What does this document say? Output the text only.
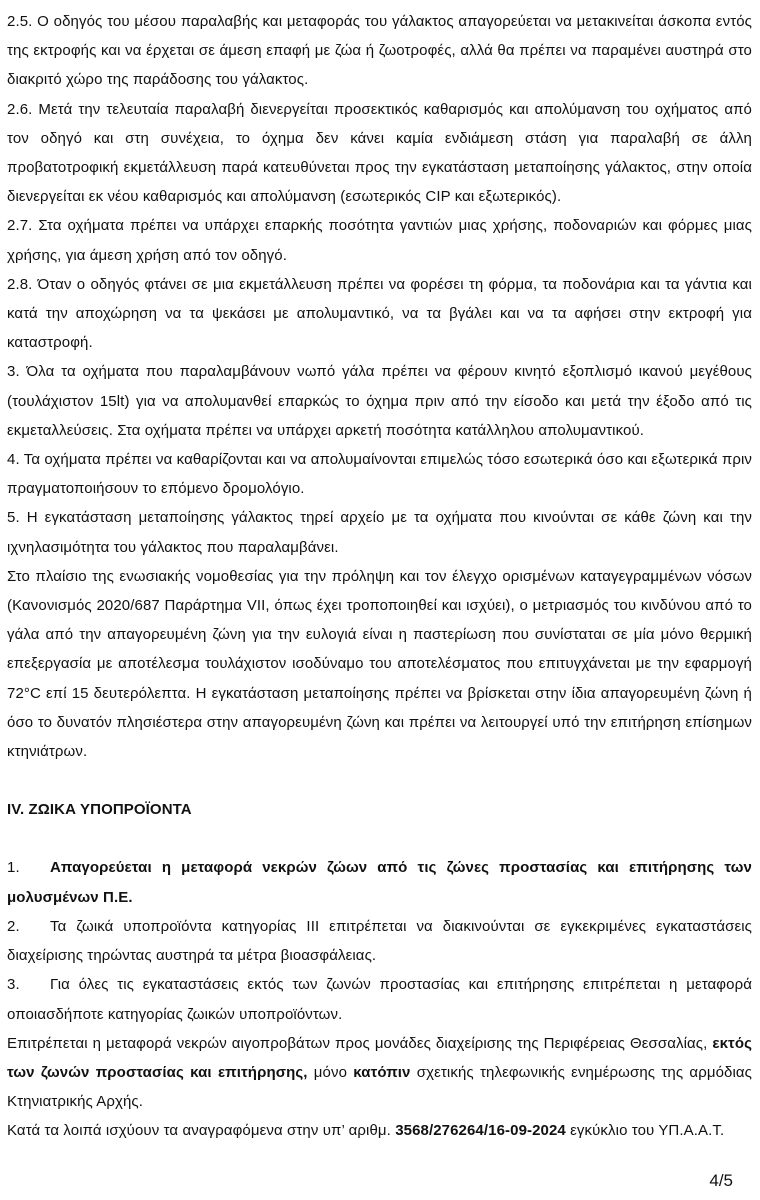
2.5. Ο οδηγός του μέσου παραλαβής και μεταφοράς του γάλακτος απαγορεύεται να μετακινείται άσκοπα εντός της εκτροφής και να έρχεται σε άμεση επαφή με ζώα ή ζωοτροφές, αλλά θα πρέπει να παραμένει αυστηρά στο διακριτό χώρο της παράδοσης του γάλακτος.

2.6. Μετά την τελευταία παραλαβή διενεργείται προσεκτικός καθαρισμός και απολύμανση του οχήματος από τον οδηγό και στη συνέχεια, το όχημα δεν κάνει καμία ενδιάμεση στάση για παραλαβή σε άλλη προβατοτροφική εκμετάλλευση παρά κατευθύνεται προς την εγκατάσταση μεταποίησης γάλακτος, στην οποία διενεργείται εκ νέου καθαρισμός και απολύμανση (εσωτερικός CIP και εξωτερικός).

2.7. Στα οχήματα πρέπει να υπάρχει επαρκής ποσότητα γαντιών μιας χρήσης, ποδοναριών και φόρμες μιας χρήσης, για άμεση χρήση από τον οδηγό.

2.8. Όταν ο οδηγός φτάνει σε μια εκμετάλλευση πρέπει να φορέσει τη φόρμα, τα ποδονάρια και τα γάντια και κατά την αποχώρηση να τα ψεκάσει με απολυμαντικό, να τα βγάλει και να τα αφήσει στην εκτροφή για καταστροφή.

3. Όλα τα οχήματα που παραλαμβάνουν νωπό γάλα πρέπει να φέρουν κινητό εξοπλισμό ικανού μεγέθους (τουλάχιστον 15lt) για να απολυμανθεί επαρκώς το όχημα πριν από την είσοδο και μετά την έξοδο από τις εκμεταλλεύσεις. Στα οχήματα πρέπει να υπάρχει αρκετή ποσότητα κατάλληλου απολυμαντικού.

4. Τα οχήματα πρέπει να καθαρίζονται και να απολυμαίνονται επιμελώς τόσο εσωτερικά όσο και εξωτερικά πριν πραγματοποιήσουν το επόμενο δρομολόγιο.

5. Η εγκατάσταση μεταποίησης γάλακτος τηρεί αρχείο με τα οχήματα που κινούνται σε κάθε ζώνη και την ιχνηλασιμότητα του γάλακτος που παραλαμβάνει.

Στο πλαίσιο της ενωσιακής νομοθεσίας για την πρόληψη και τον έλεγχο ορισμένων καταγεγραμμένων νόσων (Κανονισμός 2020/687 Παράρτημα VII, όπως έχει τροποποιηθεί και ισχύει), ο μετριασμός του κινδύνου από το γάλα από την απαγορευμένη ζώνη για την ευλογιά είναι η παστερίωση που συνίσταται σε μία μόνο θερμική επεξεργασία με αποτέλεσμα τουλάχιστον ισοδύναμο του αποτελέσματος που επιτυγχάνεται με την εφαρμογή 72°C επί 15 δευτερόλεπτα. Η εγκατάσταση μεταποίησης πρέπει να βρίσκεται στην ίδια απαγορευμένη ζώνη ή όσο το δυνατόν πλησιέστερα στην απαγορευμένη ζώνη και πρέπει να λειτουργεί υπό την επιτήρηση επίσημων κτηνιάτρων.

IV. ΖΩΙΚΑ ΥΠΟΠΡΟΪΟΝΤΑ

1. Απαγορεύεται η μεταφορά νεκρών ζώων από τις ζώνες προστασίας και επιτήρησης των μολυσμένων Π.Ε.

2. Τα ζωικά υποπροϊόντα κατηγορίας III επιτρέπεται να διακινούνται σε εγκεκριμένες εγκαταστάσεις διαχείρισης τηρώντας αυστηρά τα μέτρα βιοασφάλειας.

3. Για όλες τις εγκαταστάσεις εκτός των ζωνών προστασίας και επιτήρησης επιτρέπεται η μεταφορά οποιασδήποτε κατηγορίας ζωικών υποπροϊόντων.

Επιτρέπεται η μεταφορά νεκρών αιγοπροβάτων προς μονάδες διαχείρισης της Περιφέρειας Θεσσαλίας, εκτός των ζωνών προστασίας και επιτήρησης, μόνο κατόπιν σχετικής τηλεφωνικής ενημέρωσης της αρμόδιας Κτηνιατρικής Αρχής.

Κατά τα λοιπά ισχύουν τα αναγραφόμενα στην υπ’ αριθμ. 3568/276264/16-09-2024 εγκύκλιο του ΥΠ.Α.Α.Τ.

4/5
